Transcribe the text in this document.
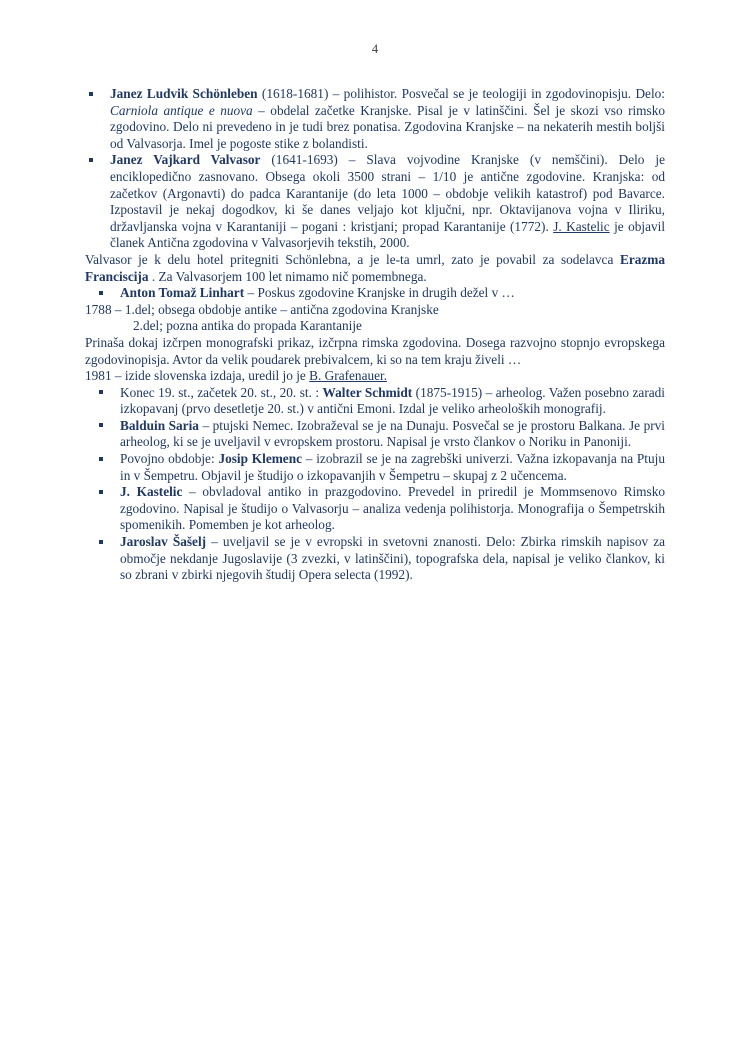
4
Janez Ludvik Schönleben (1618-1681) – polihistor. Posvečal se je teologiji in zgodovinopisju. Delo: Carniola antique e nuova – obdelal začetke Kranjske. Pisal je v latinščini. Šel je skozi vso rimsko zgodovino. Delo ni prevedeno in je tudi brez ponatisa. Zgodovina Kranjske – na nekaterih mestih boljši od Valvasorja. Imel je pogoste stike z bolandisti.
Janez Vajkard Valvasor (1641-1693) – Slava vojvodine Kranjske (v nemščini). Delo je enciklopedično zasnovano. Obsega okoli 3500 strani – 1/10 je antične zgodovine. Kranjska: od začetkov (Argonavti) do padca Karantanije (do leta 1000 – obdobje velikih katastrof) pod Bavarce. Izpostavil je nekaj dogodkov, ki še danes veljajo kot ključni, npr. Oktavijanova vojna v Iliriku, državljanska vojna v Karantaniji – pogani : kristjani; propad Karantanije (1772). J. Kastelic je objavil članek Antična zgodovina v Valvasorjevih tekstih, 2000.
Valvasor je k delu hotel pritegniti Schönlebna, a je le-ta umrl, zato je povabil za sodelavca Erazma Franciscija . Za Valvasorjem 100 let nimamo nič pomembnega.
Anton Tomaž Linhart – Poskus zgodovine Kranjske in drugih dežel v …
1788 – 1.del; obsega obdobje antike – antična zgodovina Kranjske
2.del; pozna antika do propada Karantanije
Prinaša dokaj izčrpen monografski prikaz, izčrpna rimska zgodovina. Dosega razvojno stopnjo evropskega zgodovinopisja. Avtor da velik poudarek prebivalcem, ki so na tem kraju živeli …
1981 – izide slovenska izdaja, uredil jo je B. Grafenauer.
Konec 19. st., začetek 20. st., 20. st. : Walter Schmidt (1875-1915) – arheolog. Važen posebno zaradi izkopavanj (prvo desetletje 20. st.) v antični Emoni. Izdal je veliko arheoloških monografij.
Balduin Saria – ptujski Nemec. Izobraževal se je na Dunaju. Posvečal se je prostoru Balkana. Je prvi arheolog, ki se je uveljavil v evropskem prostoru. Napisal je vrsto člankov o Noriku in Panoniji.
Povojno obdobje: Josip Klemenc – izobrazil se je na zagrebški univerzi. Važna izkopavanja na Ptuju in v Šempetru. Objavil je študijo o izkopavanjih v Šempetru – skupaj z 2 učencema.
J. Kastelic – obvladoval antiko in prazgodovino. Prevedel in priredil je Mommsenovo Rimsko zgodovino. Napisal je študijo o Valvasorju – analiza vedenja polihistorja. Monografija o Šempetrskih spomenikih. Pomemben je kot arheolog.
Jaroslav Šašelj – uveljavil se je v evropski in svetovni znanosti. Delo: Zbirka rimskih napisov za območje nekdanje Jugoslavije (3 zvezki, v latinščini), topografska dela, napisal je veliko člankov, ki so zbrani v zbirki njegovih študij Opera selecta (1992).
